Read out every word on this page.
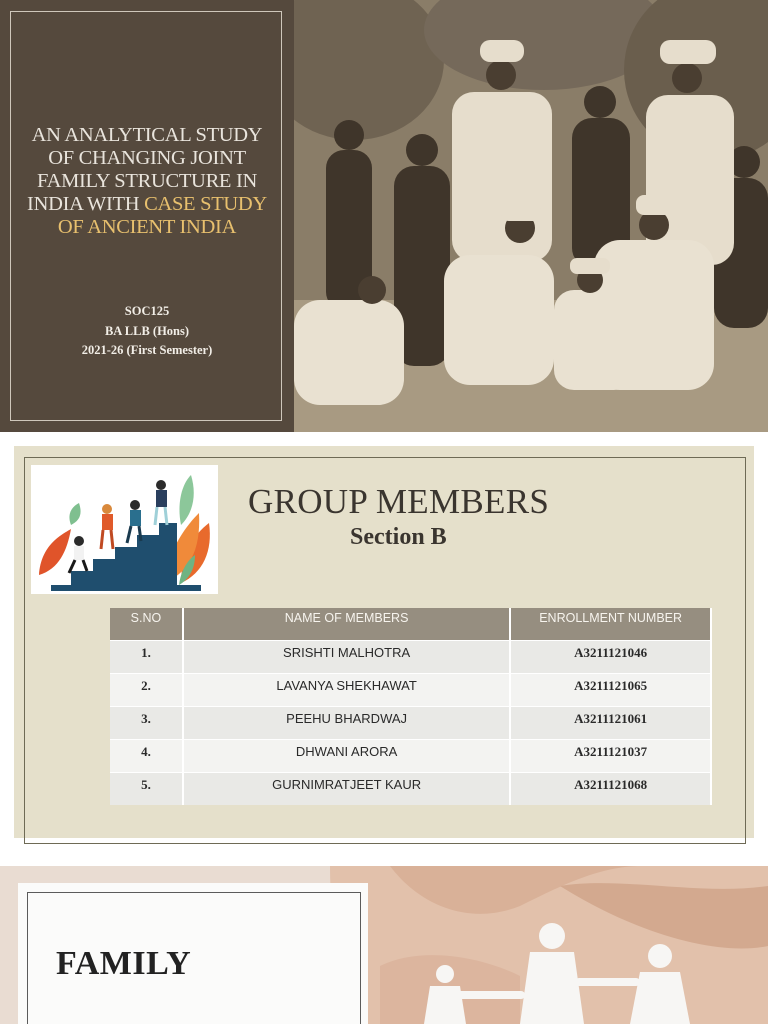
AN ANALYTICAL STUDY
OF CHANGING JOINT
FAMILY STRUCTURE IN
INDIA WITH CASE STUDY
OF ANCIENT INDIA
SOC125
BA LLB (Hons)
2021-26 (First Semester)
GROUP MEMBERS
Section B
S.NO	NAME OF MEMBERS	ENROLLMENT NUMBER
1.	SRISHTI MALHOTRA	A3211121046
2.	LAVANYA SHEKHAWAT	A3211121065
3.	PEEHU BHARDWAJ	A3211121061
4.	DHWANI ARORA	A3211121037
5.	GURNIMRATJEET KAUR	A3211121068
FAMILY
